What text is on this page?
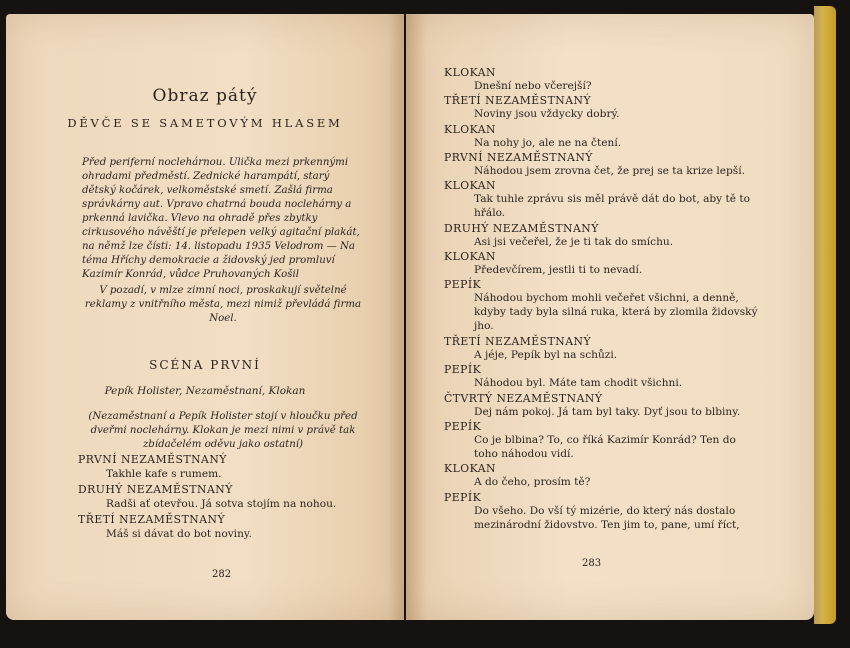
Obraz pátý
DĚVČE SE SAMETOVÝM HLASEM
Před periferní noclehárnou. Ulička mezi prkennými ohradami předměstí. Zednické harampátí, starý dětský kočárek, velkoměstské smetí. Zašlá firma správkárny aut. Vpravo chatrná bouda noclehárny a prkenná lavička. Vlevo na ohradě přes zbytky cirkusového návěští je přelepen velký agitační plakát, na němž lze čísti: 14. listopadu 1935 Velodrom — Na téma Hříchy demokracie a židovský jed promluví Kazimír Konrád, vůdce Pruhovaných Košil
V pozadí, v mlze zimní noci, proskakují světelné reklamy z vnitřního města, mezi nimiž převládá firma Noel.
SCÉNA PRVNÍ
Pepík Holister, Nezaměstnaní, Klokan
(Nezaměstnaní a Pepík Holister stojí v hloučku před dveřmi noclehárny. Klokan je mezi nimi v právě tak zbídačelém oděvu jako ostatní)
PRVNÍ NEZAMĚSTNANÝ
Takhle kafe s rumem.
DRUHÝ NEZAMĚSTNANÝ
Radši ať otevřou. Já sotva stojím na nohou.
TŘETÍ NEZAMĚSTNANÝ
Máš si dávat do bot noviny.
282
KLOKAN
Dnešní nebo včerejší?
TŘETÍ NEZAMĚSTNANÝ
Noviny jsou vždycky dobrý.
KLOKAN
Na nohy jo, ale ne na čtení.
PRVNÍ NEZAMĚSTNANÝ
Náhodou jsem zrovna čet, že prej se ta krize lepší.
KLOKAN
Tak tuhle zprávu sis měl právě dát do bot, aby tě to
hřálo.
DRUHÝ NEZAMĚSTNANÝ
Asi jsi večeřel, že je ti tak do smíchu.
KLOKAN
Předevčírem, jestli ti to nevadí.
PEPÍK
Náhodou bychom mohli večeřet všichni, a denně,
kdyby tady byla silná ruka, která by zlomila židovský
jho.
TŘETÍ NEZAMĚSTNANÝ
A jéje, Pepík byl na schůzi.
PEPÍK
Náhodou byl. Máte tam chodit všichni.
ČTVRTÝ NEZAMĚSTNANÝ
Dej nám pokoj. Já tam byl taky. Dyť jsou to blbiny.
PEPÍK
Co je blbina? To, co říká Kazimír Konrád? Ten do
toho náhodou vidí.
KLOKAN
A do čeho, prosím tě?
PEPÍK
Do všeho. Do vší tý mizérie, do který nás dostalo
mezinárodní židovstvo. Ten jim to, pane, umí říct,
283
